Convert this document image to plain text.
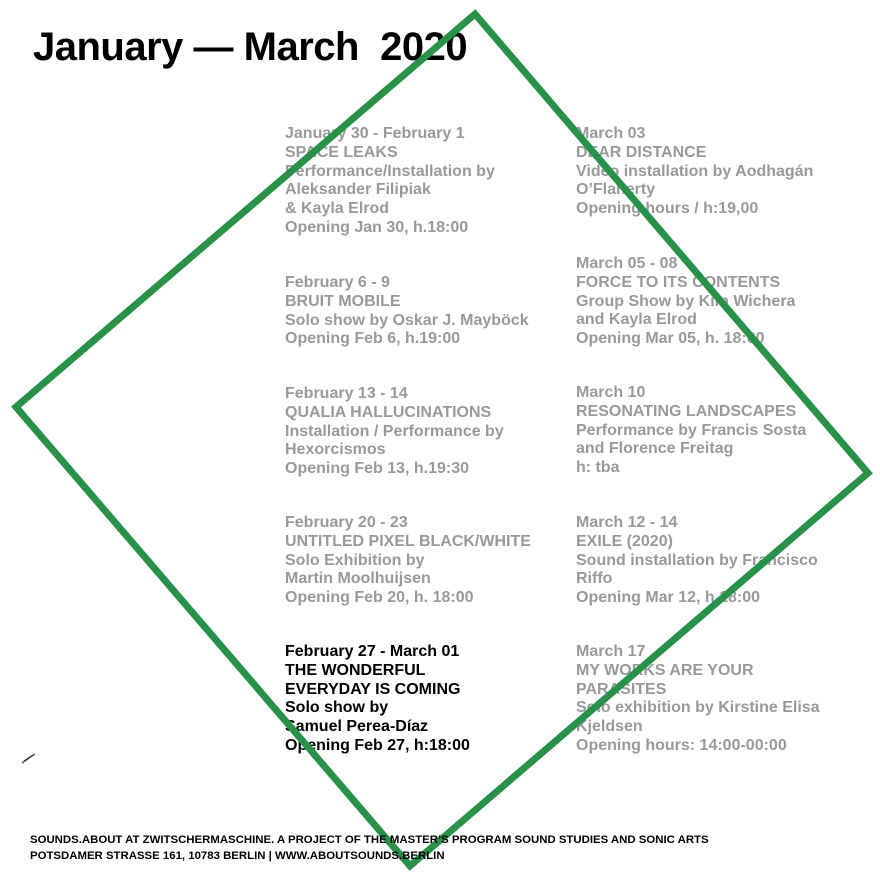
January — March  2020
January 30 - February 1
SPACE LEAKS
Performance/Installation by
Aleksander Filipiak
& Kayla Elrod
Opening Jan 30, h.18:00
February 6 - 9
BRUIT MOBILE
Solo show by Oskar J. Mayböck
Opening Feb 6, h.19:00
February 13 - 14
QUALIA HALLUCINATIONS
Installation / Performance by
Hexorcismos
Opening Feb 13, h.19:30
February 20 - 23
UNTITLED PIXEL BLACK/WHITE
Solo Exhibition by
Martin Moolhuijsen
Opening Feb 20, h. 18:00
February 27 - March 01
THE WONDERFUL
EVERYDAY IS COMING
Solo show by
Samuel Perea-Díaz
Opening Feb 27, h:18:00
March 03
DEAR DISTANCE
Video installation by Aodhagán
O’Flaherty
Opening hours / h:19,00
March 05 - 08
FORCE TO ITS CONTENTS
Group Show by Kim Wichera
and Kayla Elrod
Opening Mar 05, h. 18:00
March 10
RESONATING LANDSCAPES
Performance by Francis Sosta
and Florence Freitag
h: tba
March 12 - 14
EXILE (2020)
Sound installation by Francisco
Riffo
Opening Mar 12, h 18:00
March 17
MY WORKS ARE YOUR
PARASITES
Solo exhibition by Kirstine Elisa
Kjeldsen
Opening hours: 14:00-00:00
SOUNDS.ABOUT AT ZWITSCHERMASCHINE. A PROJECT OF THE MASTER’S PROGRAM SOUND STUDIES AND SONIC ARTS
POTSDAMER STRASSE 161, 10783 BERLIN | WWW.ABOUTSOUNDS.BERLIN
